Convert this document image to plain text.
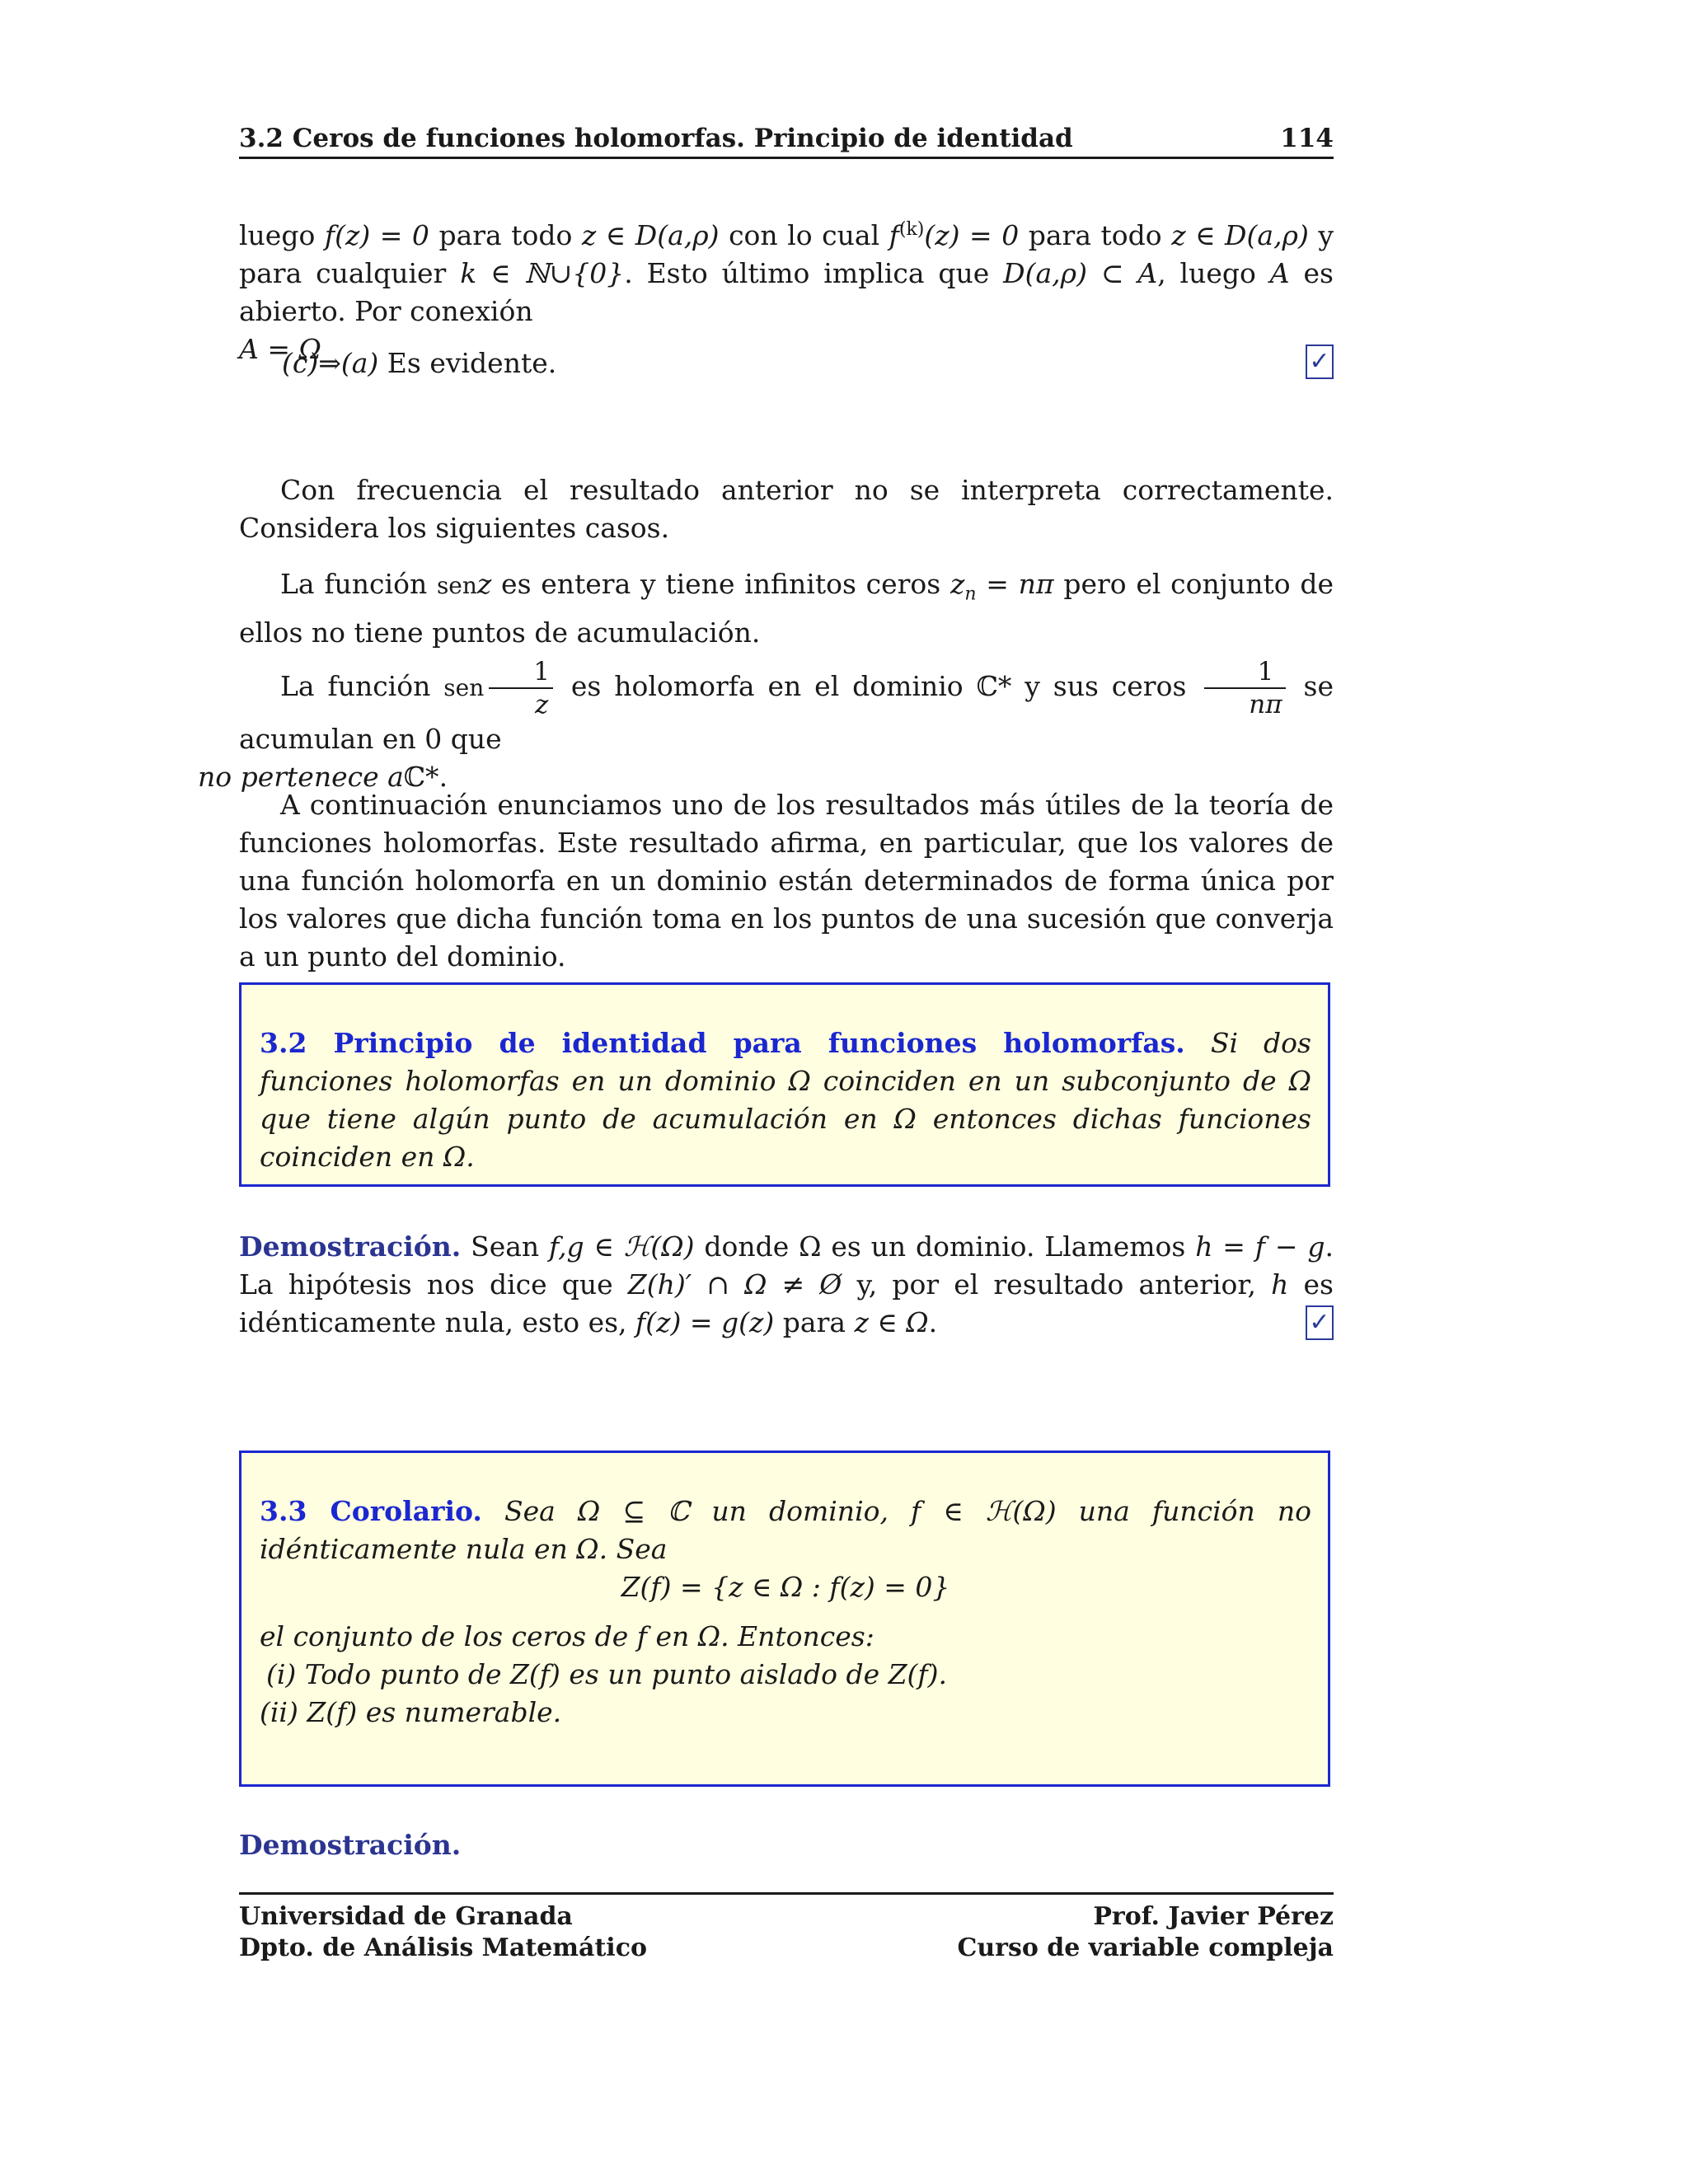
3.2 Ceros de funciones holomorfas. Principio de identidad	114
luego f(z) = 0 para todo z ∈ D(a,ρ) con lo cual $f^{(k)}(z) = 0$ para todo z ∈ D(a,ρ) y para cualquier k ∈ ℕ∪{0}. Esto último implica que D(a,ρ) ⊂ A, luego A es abierto. Por conexión
A = Ω
(c)⇒(a) Es evidente.	✓
Con frecuencia el resultado anterior no se interpreta correctamente. Considera los siguientes casos.
La función senz es entera y tiene infinitos ceros $z_n = n\pi$ pero el conjunto de ellos no tiene puntos de acumulación.
La función sen $\frac{1}{z}$ es holomorfa en el dominio ℂ* y sus ceros $\frac{1}{n\pi}$ se acumulan en 0 que
no pertenece aℂ*.
A continuación enunciamos uno de los resultados más útiles de la teoría de funciones holomorfas. Este resultado afirma, en particular, que los valores de una función holomorfa en un dominio están determinados de forma única por los valores que dicha función toma en los puntos de una sucesión que converja a un punto del dominio.
3.2 Principio de identidad para funciones holomorfas. Si dos funciones holomorfas en un dominio Ω coinciden en un subconjunto de Ω que tiene algún punto de acumulación en Ω entonces dichas funciones coinciden en Ω.
Demostración. Sean f,g ∈ ℋ(Ω) donde Ω es un dominio. Llamemos h = f − g. La hipótesis nos dice que Z(h)′ ∩ Ω ≠ Ø y, por el resultado anterior, h es idénticamente nula, esto es, f(z) = g(z) para z ∈ Ω.	✓
3.3 Corolario. Sea Ω ⊆ ℂ un dominio, f ∈ ℋ(Ω) una función no idénticamente nula en Ω. Sea
Z(f) = {z ∈ Ω : f(z) = 0}
el conjunto de los ceros de f en Ω. Entonces:
(i) Todo punto de Z(f) es un punto aislado de Z(f).
(ii) Z(f) es numerable.
Demostración.
Universidad de Granada
Dpto. de Análisis Matemático
Prof. Javier Pérez
Curso de variable compleja
